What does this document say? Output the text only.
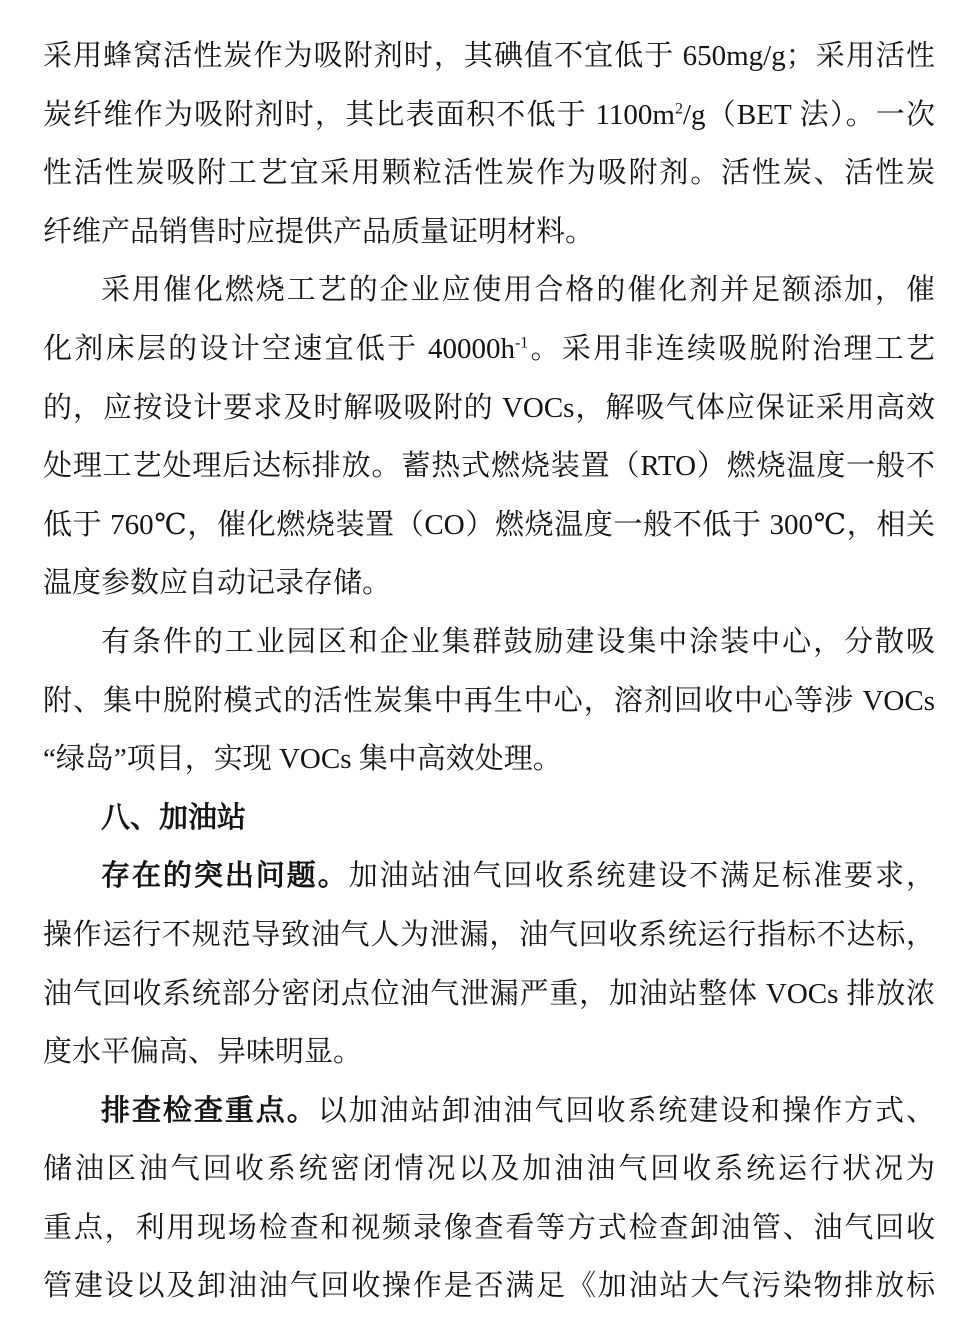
采用蜂窝活性炭作为吸附剂时，其碘值不宜低于 650mg/g；采用活性
炭纤维作为吸附剂时，其比表面积不低于 $1100m^2/g(BET$ 法）。一次
性活性炭吸附工艺宜采用颗粒活性炭作为吸附剂。活性炭、活性炭
纤维产品销售时应提供产品质量证明材料。
采用催化燃烧工艺的企业应使用合格的催化剂并足额添加，催
化剂床层的设计空速宜低于 $40000h^{-1}$。采用非连续吸脱附治理工艺
的，应按设计要求及时解吸吸附的 VOCs，解吸气体应保证采用高效
处理工艺处理后达标排放。蓄热式燃烧装置（RTO）燃烧温度一般不
低于 760℃，催化燃烧装置（CO）燃烧温度一般不低于 300℃，相关
温度参数应自动记录存储。
有条件的工业园区和企业集群鼓励建设集中涂装中心，分散吸
附、集中脱附模式的活性炭集中再生中心，溶剂回收中心等涉 VOCs
“绿岛”项目，实现 VOCs 集中高效处理。
八、加油站
存在的突出问题。加油站油气回收系统建设不满足标准要求，
操作运行不规范导致油气人为泄漏，油气回收系统运行指标不达标，
油气回收系统部分密闭点位油气泄漏严重，加油站整体 VOCs 排放浓
度水平偏高、异味明显。
排查检查重点。以加油站卸油油气回收系统建设和操作方式、
储油区油气回收系统密闭情况以及加油油气回收系统运行状况为
重点，利用现场检查和视频录像查看等方式检查卸油管、油气回收
管建设以及卸油油气回收操作是否满足《加油站大气污染物排放标
